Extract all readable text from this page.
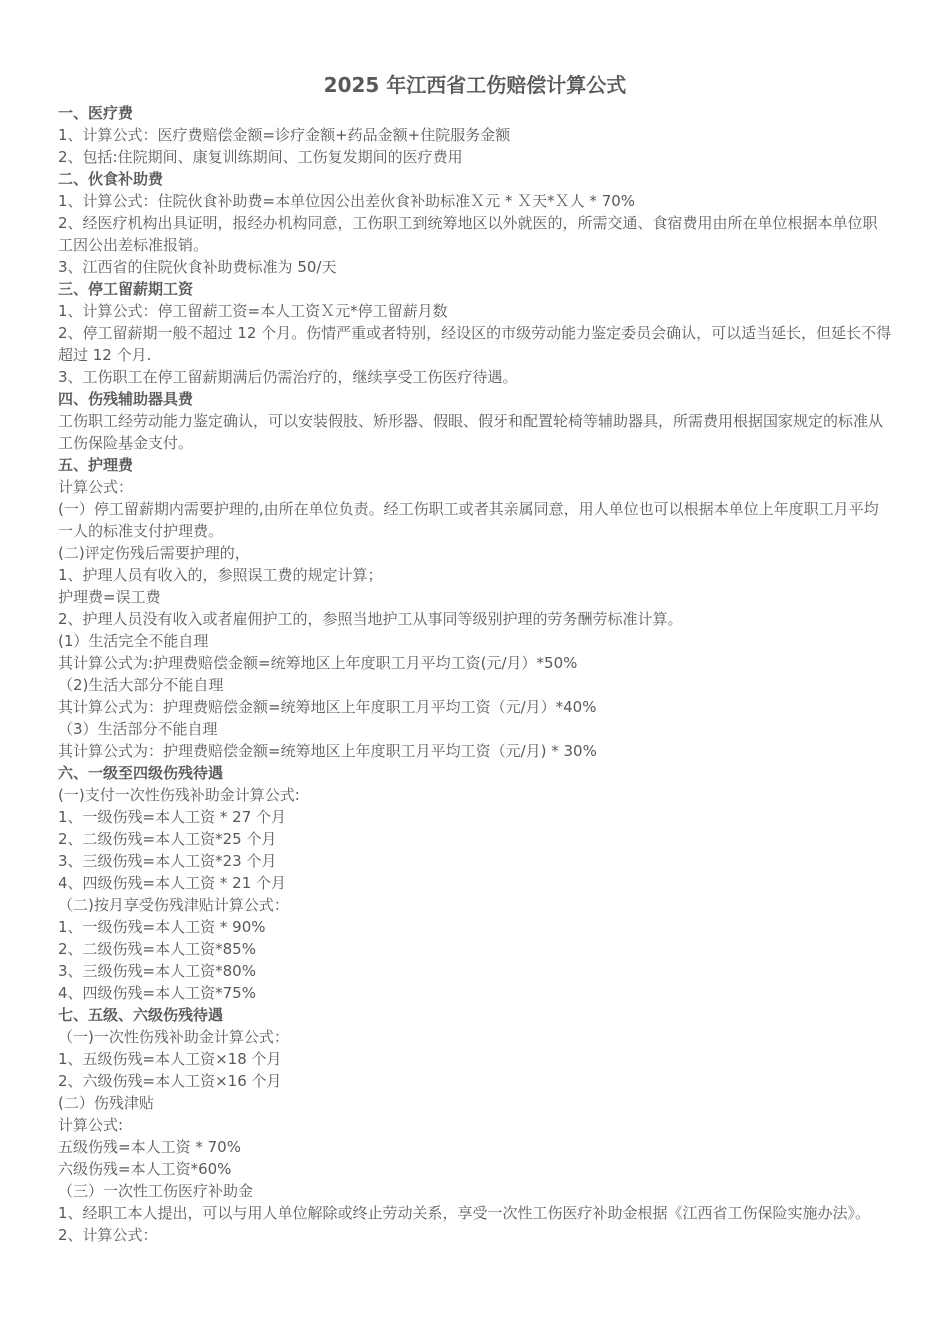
2025 年江西省工伤赔偿计算公式

一、医疗费

1、计算公式：医疗费赔偿金额=诊疗金额+药品金额+住院服务金额

2、包括:住院期间、康复训练期间、工伤复发期间的医疗费用

二、伙食补助费

1、计算公式：住院伙食补助费=本单位因公出差伙食补助标准Ｘ元 * Ｘ天*Ｘ人 * 70%

2、经医疗机构出具证明，报经办机构同意，工伤职工到统筹地区以外就医的，所需交通、食宿费用由所在单位根据本单位职工因公出差标准报销。

3、江西省的住院伙食补助费标准为 50/天

三、停工留薪期工资

1、计算公式：停工留薪工资=本人工资Ｘ元*停工留薪月数

2、停工留薪期一般不超过 12 个月。伤情严重或者特别，经设区的市级劳动能力鉴定委员会确认，可以适当延长，但延长不得超过 12 个月.

3、工伤职工在停工留薪期满后仍需治疗的，继续享受工伤医疗待遇。

四、伤残辅助器具费

工伤职工经劳动能力鉴定确认，可以安装假肢、矫形器、假眼、假牙和配置轮椅等辅助器具，所需费用根据国家规定的标准从工伤保险基金支付。

五、护理费

计算公式：

(一）停工留薪期内需要护理的,由所在单位负责。经工伤职工或者其亲属同意，用人单位也可以根据本单位上年度职工月平均一人的标准支付护理费。

(二)评定伤残后需要护理的，

1、护理人员有收入的，参照误工费的规定计算；

护理费=误工费

2、护理人员没有收入或者雇佣护工的，参照当地护工从事同等级别护理的劳务酬劳标准计算。

(1）生活完全不能自理

其计算公式为:护理费赔偿金额=统筹地区上年度职工月平均工资(元/月）*50%

（2)生活大部分不能自理

其计算公式为：护理费赔偿金额=统筹地区上年度职工月平均工资（元/月）*40%

（3）生活部分不能自理

其计算公式为：护理费赔偿金额=统筹地区上年度职工月平均工资（元/月) * 30%

六、一级至四级伤残待遇

(一)支付一次性伤残补助金计算公式:

1、一级伤残=本人工资 * 27 个月

2、二级伤残=本人工资*25 个月

3、三级伤残=本人工资*23 个月

4、四级伤残=本人工资 * 21 个月

（二)按月享受伤残津贴计算公式：

1、一级伤残=本人工资 * 90%

2、二级伤残=本人工资*85%

3、三级伤残=本人工资*80%

4、四级伤残=本人工资*75%

七、五级、六级伤残待遇

（一)一次性伤残补助金计算公式：

1、五级伤残=本人工资×18 个月

2、六级伤残=本人工资×16 个月

(二）伤残津贴

计算公式:

五级伤残=本人工资 * 70%

六级伤残=本人工资*60%

（三）一次性工伤医疗补助金

1、经职工本人提出，可以与用人单位解除或终止劳动关系，享受一次性工伤医疗补助金根据《江西省工伤保险实施办法》。

2、计算公式：
